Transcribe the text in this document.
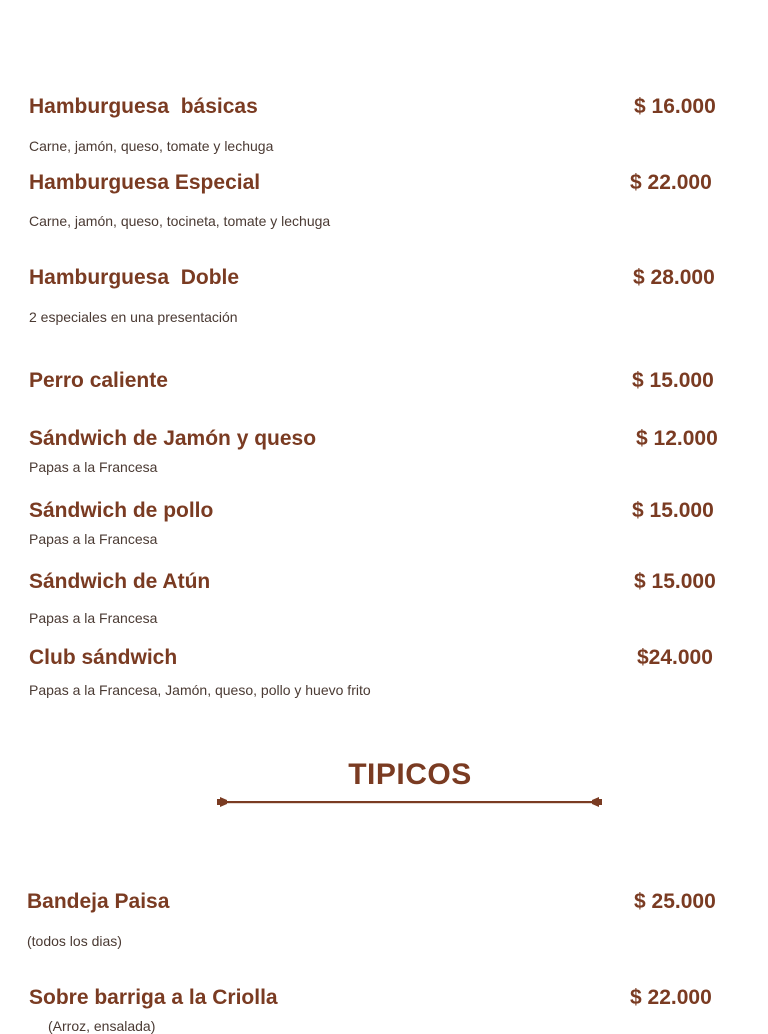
Hamburguesa  básicas	$ 16.000
Carne, jamón, queso, tomate y lechuga
Hamburguesa Especial	$ 22.000
Carne, jamón, queso, tocineta, tomate y lechuga
Hamburguesa  Doble	$ 28.000
2 especiales en una presentación
Perro caliente	$ 15.000
Sándwich de Jamón y queso	$ 12.000
Papas a la Francesa
Sándwich de pollo	$ 15.000
Papas a la Francesa
Sándwich de Atún	$ 15.000
Papas a la Francesa
Club sándwich	$24.000
Papas a la Francesa, Jamón, queso, pollo y huevo frito
TIPICOS
Bandeja Paisa	$ 25.000
(todos los dias)
Sobre barriga a la Criolla	$ 22.000
(Arroz, ensalada)
